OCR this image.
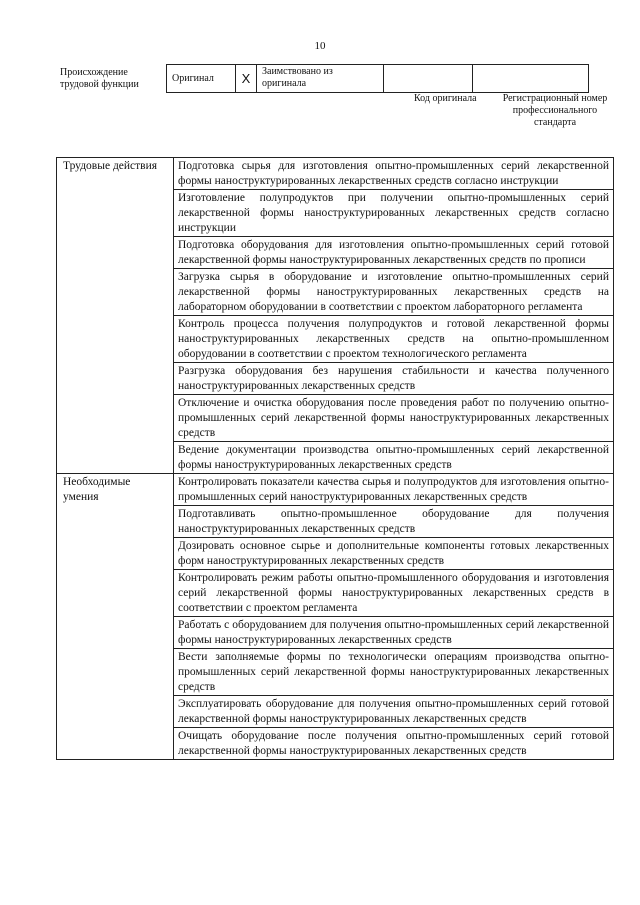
10
Происхождение трудовой функции
Оригинал	X	Заимствовано из оригинала		
Код оригинала	Регистрационный номер профессионального стандарта
Трудовые действия	Подготовка сырья для изготовления опытно-промышленных серий лекарственной формы наноструктурированных лекарственных средств согласно инструкции
	Изготовление полупродуктов при получении опытно-промышленных серий лекарственной формы наноструктурированных лекарственных средств согласно инструкции
	Подготовка оборудования для изготовления опытно-промышленных серий готовой лекарственной формы наноструктурированных лекарственных средств по прописи
	Загрузка сырья в оборудование и изготовление опытно-промышленных серий лекарственной формы наноструктурированных лекарственных средств на лабораторном оборудовании в соответствии с проектом лабораторного регламента
	Контроль процесса получения полупродуктов и готовой лекарственной формы наноструктурированных лекарственных средств на опытно-промышленном оборудовании в соответствии с проектом технологического регламента
	Разгрузка оборудования без нарушения стабильности и качества полученного наноструктурированных лекарственных средств
	Отключение и очистка оборудования после проведения работ по получению опытно-промышленных серий лекарственной формы наноструктурированных лекарственных средств
	Ведение документации производства опытно-промышленных серий лекарственной формы наноструктурированных лекарственных средств
Необходимые умения	Контролировать показатели качества сырья и полупродуктов для изготовления опытно-промышленных серий наноструктурированных лекарственных средств
	Подготавливать опытно-промышленное оборудование для получения наноструктурированных лекарственных средств
	Дозировать основное сырье и дополнительные компоненты готовых лекарственных форм наноструктурированных лекарственных средств
	Контролировать режим работы опытно-промышленного оборудования и изготовления серий лекарственной формы наноструктурированных лекарственных средств в соответствии с проектом регламента
	Работать с оборудованием для получения опытно-промышленных серий лекарственной формы наноструктурированных лекарственных средств
	Вести заполняемые формы по технологически операциям производства опытно-промышленных серий лекарственной формы наноструктурированных лекарственных средств
	Эксплуатировать оборудование для получения опытно-промышленных серий готовой лекарственной формы наноструктурированных лекарственных средств
	Очищать оборудование после получения опытно-промышленных серий готовой лекарственной формы наноструктурированных лекарственных средств
